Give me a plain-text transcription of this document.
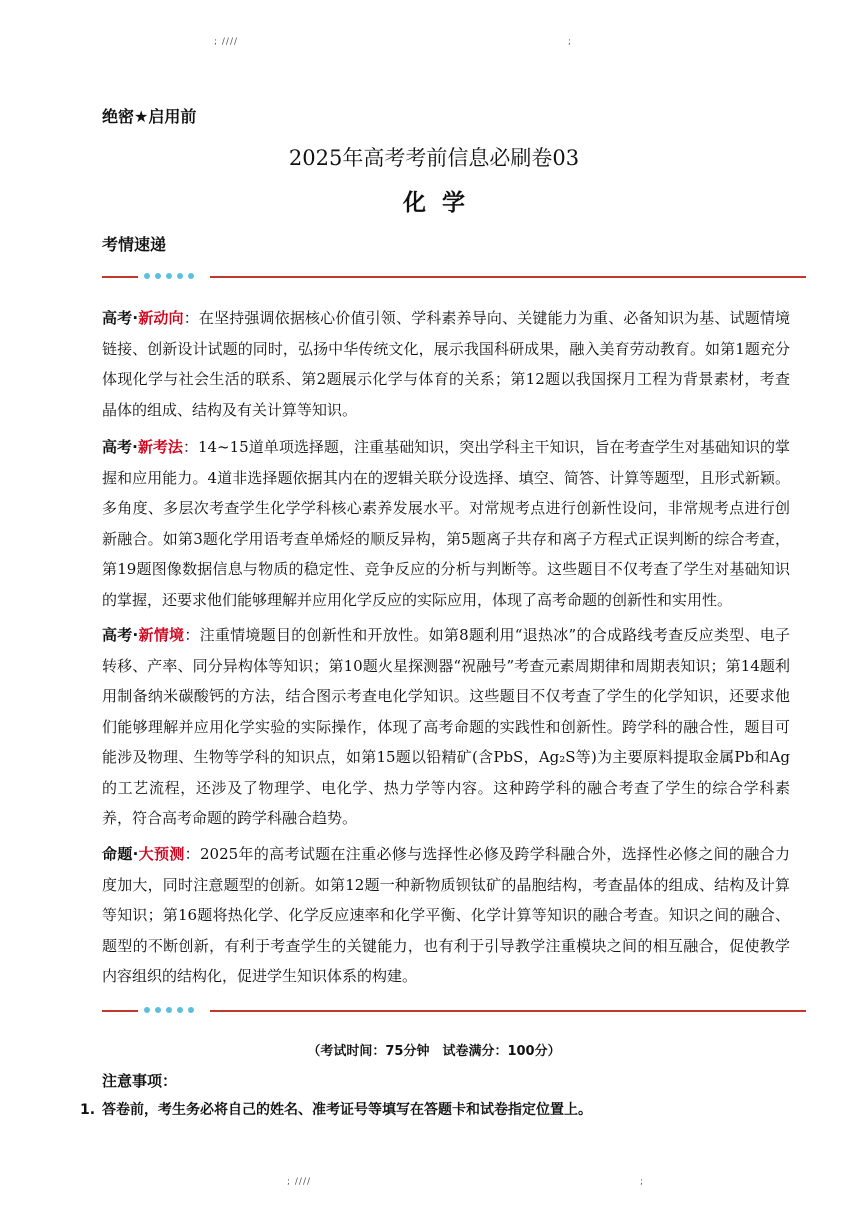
; ////	;
绝密★启用前
2025年高考考前信息必刷卷03
化学
考情速递
高考·新动向：在坚持强调依据核心价值引领、学科素养导向、关键能力为重、必备知识为基、试题情境链接、创新设计试题的同时，弘扬中华传统文化，展示我国科研成果，融入美育劳动教育。如第1题充分体现化学与社会生活的联系、第2题展示化学与体育的关系；第12题以我国探月工程为背景素材，考查晶体的组成、结构及有关计算等知识。
高考·新考法：14~15道单项选择题，注重基础知识，突出学科主干知识，旨在考查学生对基础知识的掌握和应用能力。4道非选择题依据其内在的逻辑关联分设选择、填空、简答、计算等题型，且形式新颖。多角度、多层次考查学生化学学科核心素养发展水平。对常规考点进行创新性设问，非常规考点进行创新融合。如第3题化学用语考查单烯烃的顺反异构，第5题离子共存和离子方程式正误判断的综合考查，第19题图像数据信息与物质的稳定性、竞争反应的分析与判断等。这些题目不仅考查了学生对基础知识的掌握，还要求他们能够理解并应用化学反应的实际应用，体现了高考命题的创新性和实用性。
高考·新情境：注重情境题目的创新性和开放性。如第8题利用“退热冰”的合成路线考查反应类型、电子转移、产率、同分异构体等知识；第10题火星探测器“祝融号”考查元素周期律和周期表知识；第14题利用制备纳米碳酸钙的方法，结合图示考查电化学知识。这些题目不仅考查了学生的化学知识，还要求他们能够理解并应用化学实验的实际操作，体现了高考命题的实践性和创新性。跨学科的融合性，题目可能涉及物理、生物等学科的知识点，如第15题以铅精矿(含PbS，Ag₂S等)为主要原料提取金属Pb和Ag的工艺流程，还涉及了物理学、电化学、热力学等内容。这种跨学科的融合考查了学生的综合学科素养，符合高考命题的跨学科融合趋势。
命题·大预测：2025年的高考试题在注重必修与选择性必修及跨学科融合外，选择性必修之间的融合力度加大，同时注意题型的创新。如第12题一种新物质钡钛矿的晶胞结构，考查晶体的组成、结构及计算等知识；第16题将热化学、化学反应速率和化学平衡、化学计算等知识的融合考查。知识之间的融合、题型的不断创新，有利于考查学生的关键能力，也有利于引导教学注重模块之间的相互融合，促使教学内容组织的结构化，促进学生知识体系的构建。
（考试时间：75分钟　试卷满分：100分）
注意事项：
1. 答卷前，考生务必将自己的姓名、准考证号等填写在答题卡和试卷指定位置上。
; ////	;
